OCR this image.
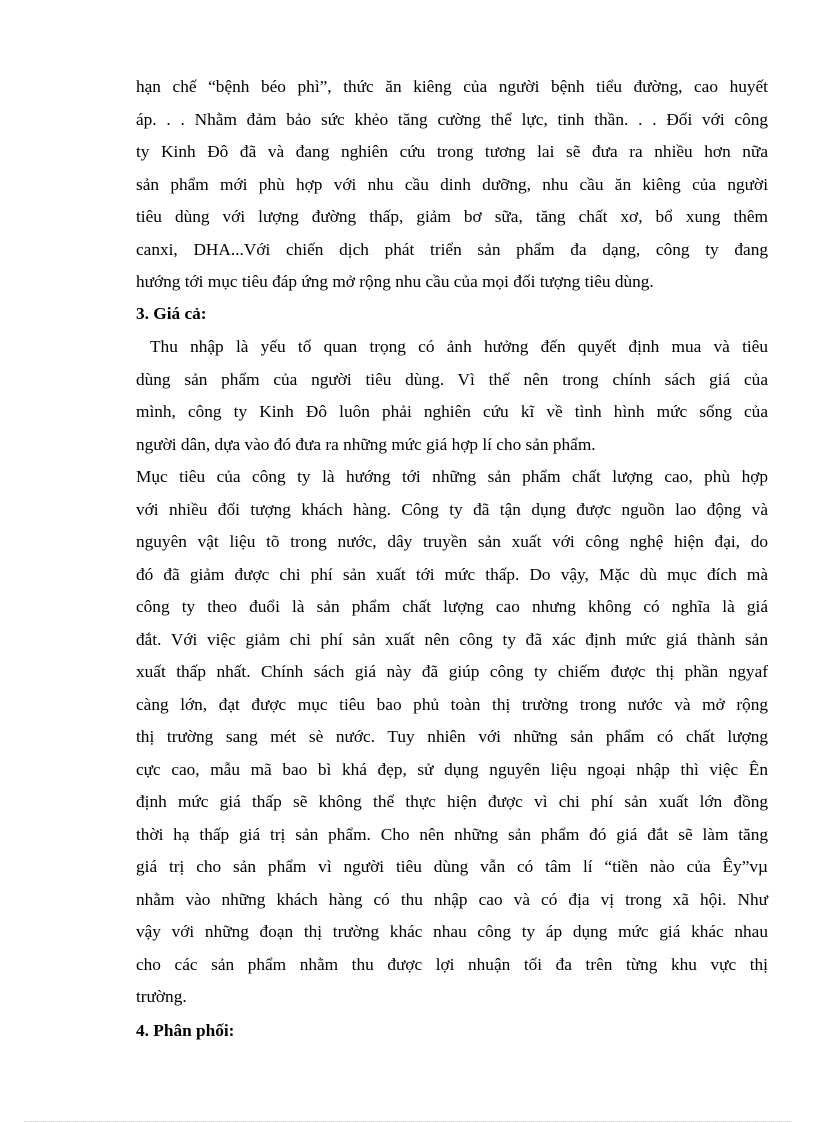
hạn chế “bệnh béo phì”, thức ăn kiêng của người bệnh tiểu đường, cao huyết
áp. . . Nhằm đảm bảo sức khẻo tăng cường thể lực, tinh thần. . . Đối với công
ty Kinh Đô đã và đang nghiên cứu trong tương lai sẽ đưa ra nhiều hơn nữa
sản phẩm mới phù hợp với nhu cầu dinh dưỡng, nhu cầu ăn kiêng của người
tiêu dùng với lượng đường thấp, giảm bơ sữa, tăng chất xơ, bổ xung thêm
canxi, DHA...Với chiến dịch phát triển sản phẩm đa dạng, công ty đang
hướng tới mục tiêu đáp ứng mở rộng nhu cầu của mọi đối tượng tiêu dùng.
3. Giá cả:
Thu nhập là yếu tố quan trọng có ảnh hưởng đến quyết định mua và tiêu
dùng sản phẩm của người tiêu dùng. Vì thế nên trong chính sách giá của
mình, công ty Kinh Đô luôn phải nghiên cứu kĩ về tình hình mức sống của
người dân, dựa vào đó đưa ra những mức giá hợp lí cho sản phẩm.
Mục tiêu của công ty là hướng tới những sản phẩm chất lượng cao, phù hợp
với nhiều đối tượng khách hàng. Công ty đã tận dụng được nguồn lao động và
nguyên vật liệu tõ trong nước, dây truyền sản xuất với công nghệ hiện đại, do
đó đã giảm được chi phí sản xuất tới mức thấp. Do vậy, Mặc dù mục đích mà
công ty theo đuổi là sản phẩm chất lượng cao nhưng không có nghĩa là giá
đắt. Với việc giảm chi phí sản xuất nên công ty đã xác định mức giá thành sản
xuất thấp nhất. Chính sách giá này đã giúp công ty chiếm được thị phần ngyaf
càng lớn, đạt được mục tiêu bao phủ toàn thị trường trong nước và mở rộng
thị trường sang mét sè nước. Tuy nhiên với những sản phẩm có chất lượng
cực cao, mẫu mã bao bì khá đẹp, sử dụng nguyên liệu ngoại nhập thì việc Ên
định mức giá thấp sẽ không thể thực hiện được vì chi phí sản xuất lớn đồng
thời hạ thấp giá trị sản phẩm. Cho nên những sản phẩm đó giá đắt sẽ làm tăng
giá trị cho sản phẩm vì người tiêu dùng vẫn có tâm lí “tiền nào của Êy”vµ
nhằm vào những khách hàng có thu nhập cao và có địa vị trong xã hội. Như
vậy với những đoạn thị trường khác nhau công ty áp dụng mức giá khác nhau
cho các sản phẩm nhằm thu được lợi nhuận tối đa trên từng khu vực thị
trường.
4. Phân phối:
